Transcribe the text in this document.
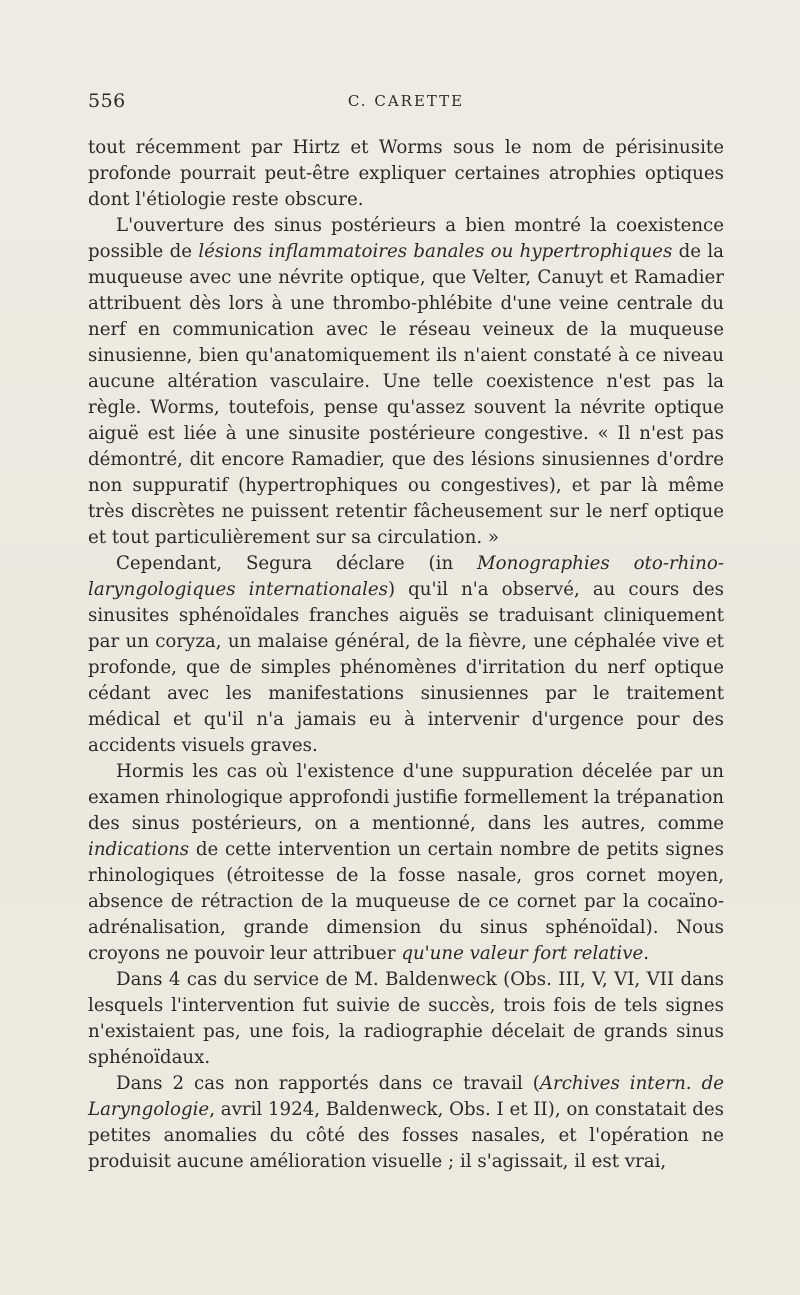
556	C. CARETTE

tout récemment par Hirtz et Worms sous le nom de périsinusite profonde pourrait peut-être expliquer certaines atrophies optiques dont l'étiologie reste obscure.

L'ouverture des sinus postérieurs a bien montré la coexistence possible de lésions inflammatoires banales ou hypertrophiques de la muqueuse avec une névrite optique, que Velter, Canuyt et Ramadier attribuent dès lors à une thrombo-phlébite d'une veine centrale du nerf en communication avec le réseau veineux de la muqueuse sinusienne, bien qu'anatomiquement ils n'aient constaté à ce niveau aucune altération vasculaire. Une telle coexistence n'est pas la règle. Worms, toutefois, pense qu'assez souvent la névrite optique aiguë est liée à une sinusite postérieure congestive. « Il n'est pas démontré, dit encore Ramadier, que des lésions sinusiennes d'ordre non suppuratif (hypertrophiques ou congestives), et par là même très discrètes ne puissent retentir fâcheusement sur le nerf optique et tout particulièrement sur sa circulation. »

Cependant, Segura déclare (in Monographies oto-rhino-laryngologiques internationales) qu'il n'a observé, au cours des sinusites sphénoïdales franches aiguës se traduisant cliniquement par un coryza, un malaise général, de la fièvre, une céphalée vive et profonde, que de simples phénomènes d'irritation du nerf optique cédant avec les manifestations sinusiennes par le traitement médical et qu'il n'a jamais eu à intervenir d'urgence pour des accidents visuels graves.

Hormis les cas où l'existence d'une suppuration décelée par un examen rhinologique approfondi justifie formellement la trépanation des sinus postérieurs, on a mentionné, dans les autres, comme indications de cette intervention un certain nombre de petits signes rhinologiques (étroitesse de la fosse nasale, gros cornet moyen, absence de rétraction de la muqueuse de ce cornet par la cocaïno-adrénalisation, grande dimension du sinus sphénoïdal). Nous croyons ne pouvoir leur attribuer qu'une valeur fort relative.

Dans 4 cas du service de M. Baldenweck (Obs. III, V, VI, VII dans lesquels l'intervention fut suivie de succès, trois fois de tels signes n'existaient pas, une fois, la radiographie décelait de grands sinus sphénoïdaux.

Dans 2 cas non rapportés dans ce travail (Archives intern. de Laryngologie, avril 1924, Baldenweck, Obs. I et II), on constatait des petites anomalies du côté des fosses nasales, et l'opération ne produisit aucune amélioration visuelle ; il s'agissait, il est vrai,
